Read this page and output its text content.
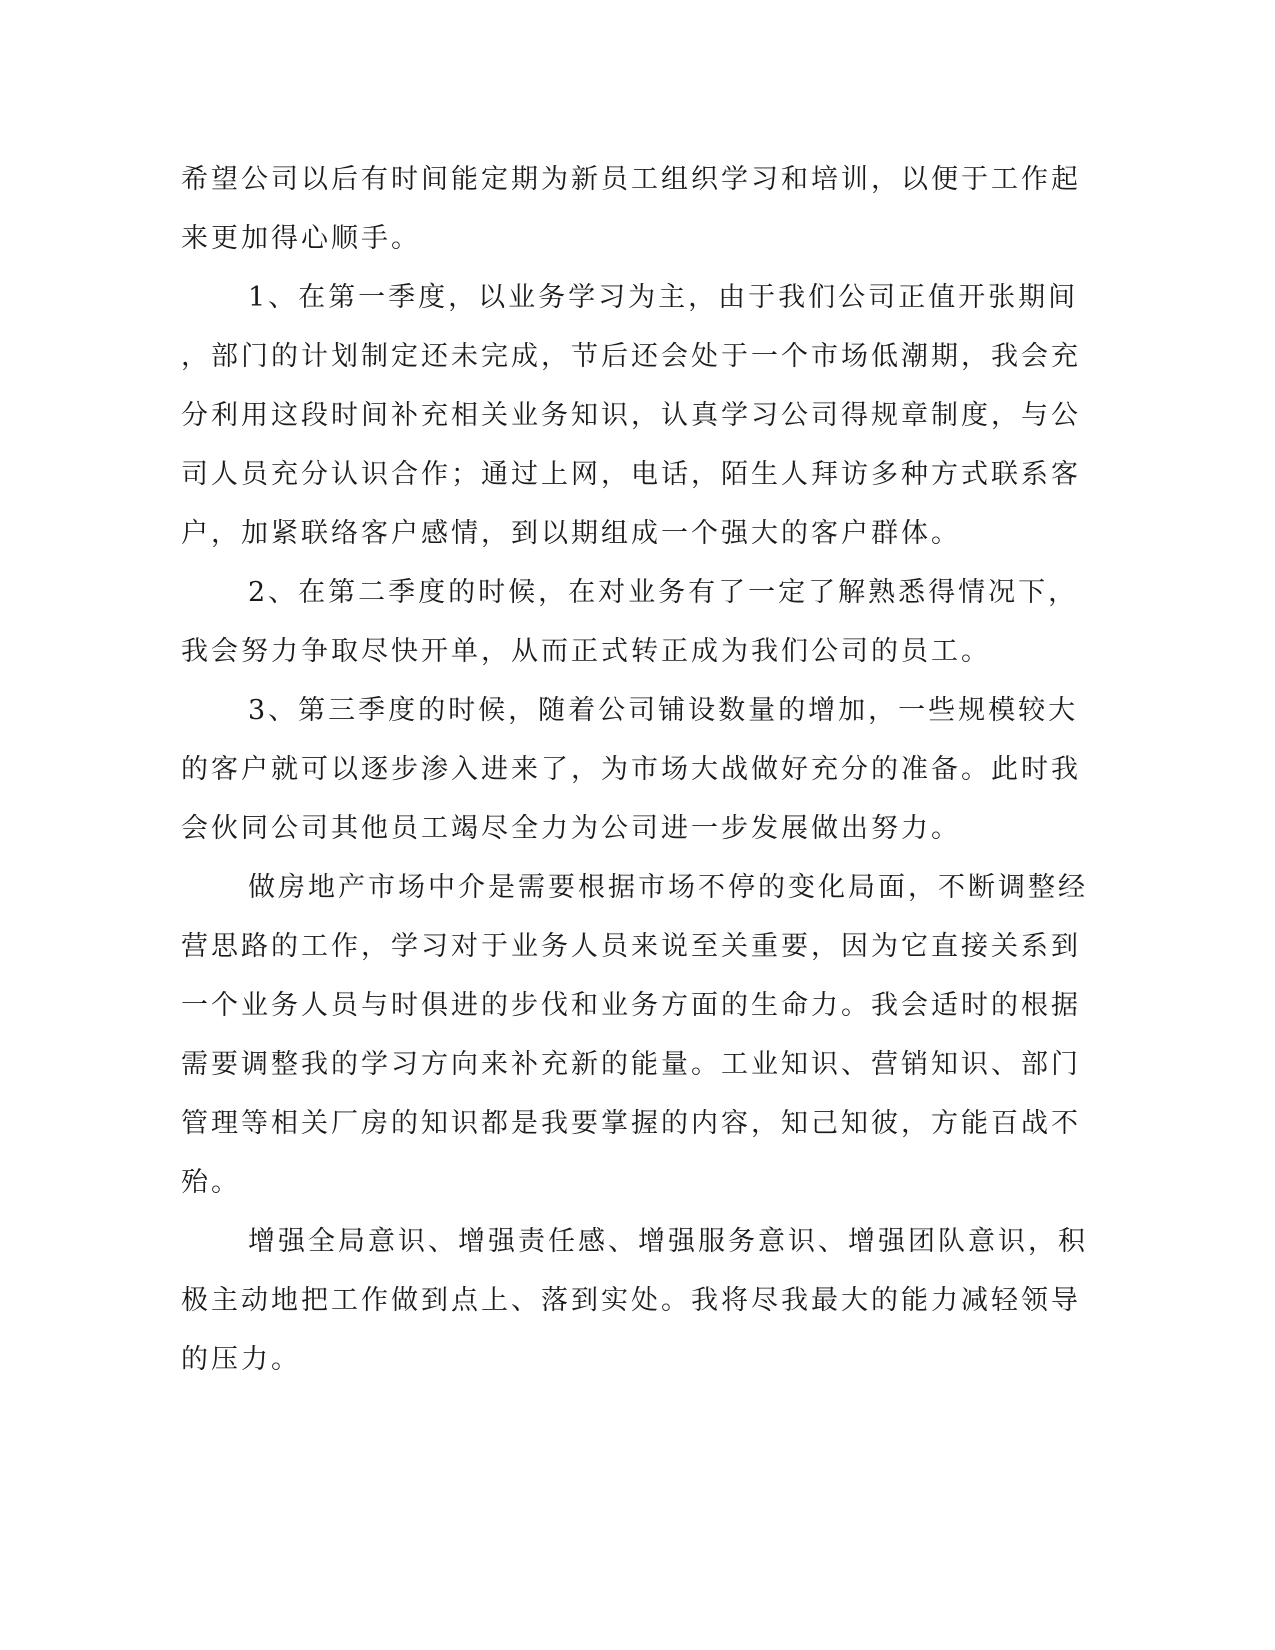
希望公司以后有时间能定期为新员工组织学习和培训，以便于工作起
来更加得心顺手。
1、在第一季度，以业务学习为主，由于我们公司正值开张期间
，部门的计划制定还未完成，节后还会处于一个市场低潮期，我会充
分利用这段时间补充相关业务知识，认真学习公司得规章制度，与公
司人员充分认识合作；通过上网，电话，陌生人拜访多种方式联系客
户，加紧联络客户感情，到以期组成一个强大的客户群体。
2、在第二季度的时候，在对业务有了一定了解熟悉得情况下，
我会努力争取尽快开单，从而正式转正成为我们公司的员工。
3、第三季度的时候，随着公司铺设数量的增加，一些规模较大
的客户就可以逐步渗入进来了，为市场大战做好充分的准备。此时我
会伙同公司其他员工竭尽全力为公司进一步发展做出努力。
做房地产市场中介是需要根据市场不停的变化局面，不断调整经
营思路的工作，学习对于业务人员来说至关重要，因为它直接关系到
一个业务人员与时俱进的步伐和业务方面的生命力。我会适时的根据
需要调整我的学习方向来补充新的能量。工业知识、营销知识、部门
管理等相关厂房的知识都是我要掌握的内容，知己知彼，方能百战不
殆。
增强全局意识、增强责任感、增强服务意识、增强团队意识，积
极主动地把工作做到点上、落到实处。我将尽我最大的能力减轻领导
的压力。
